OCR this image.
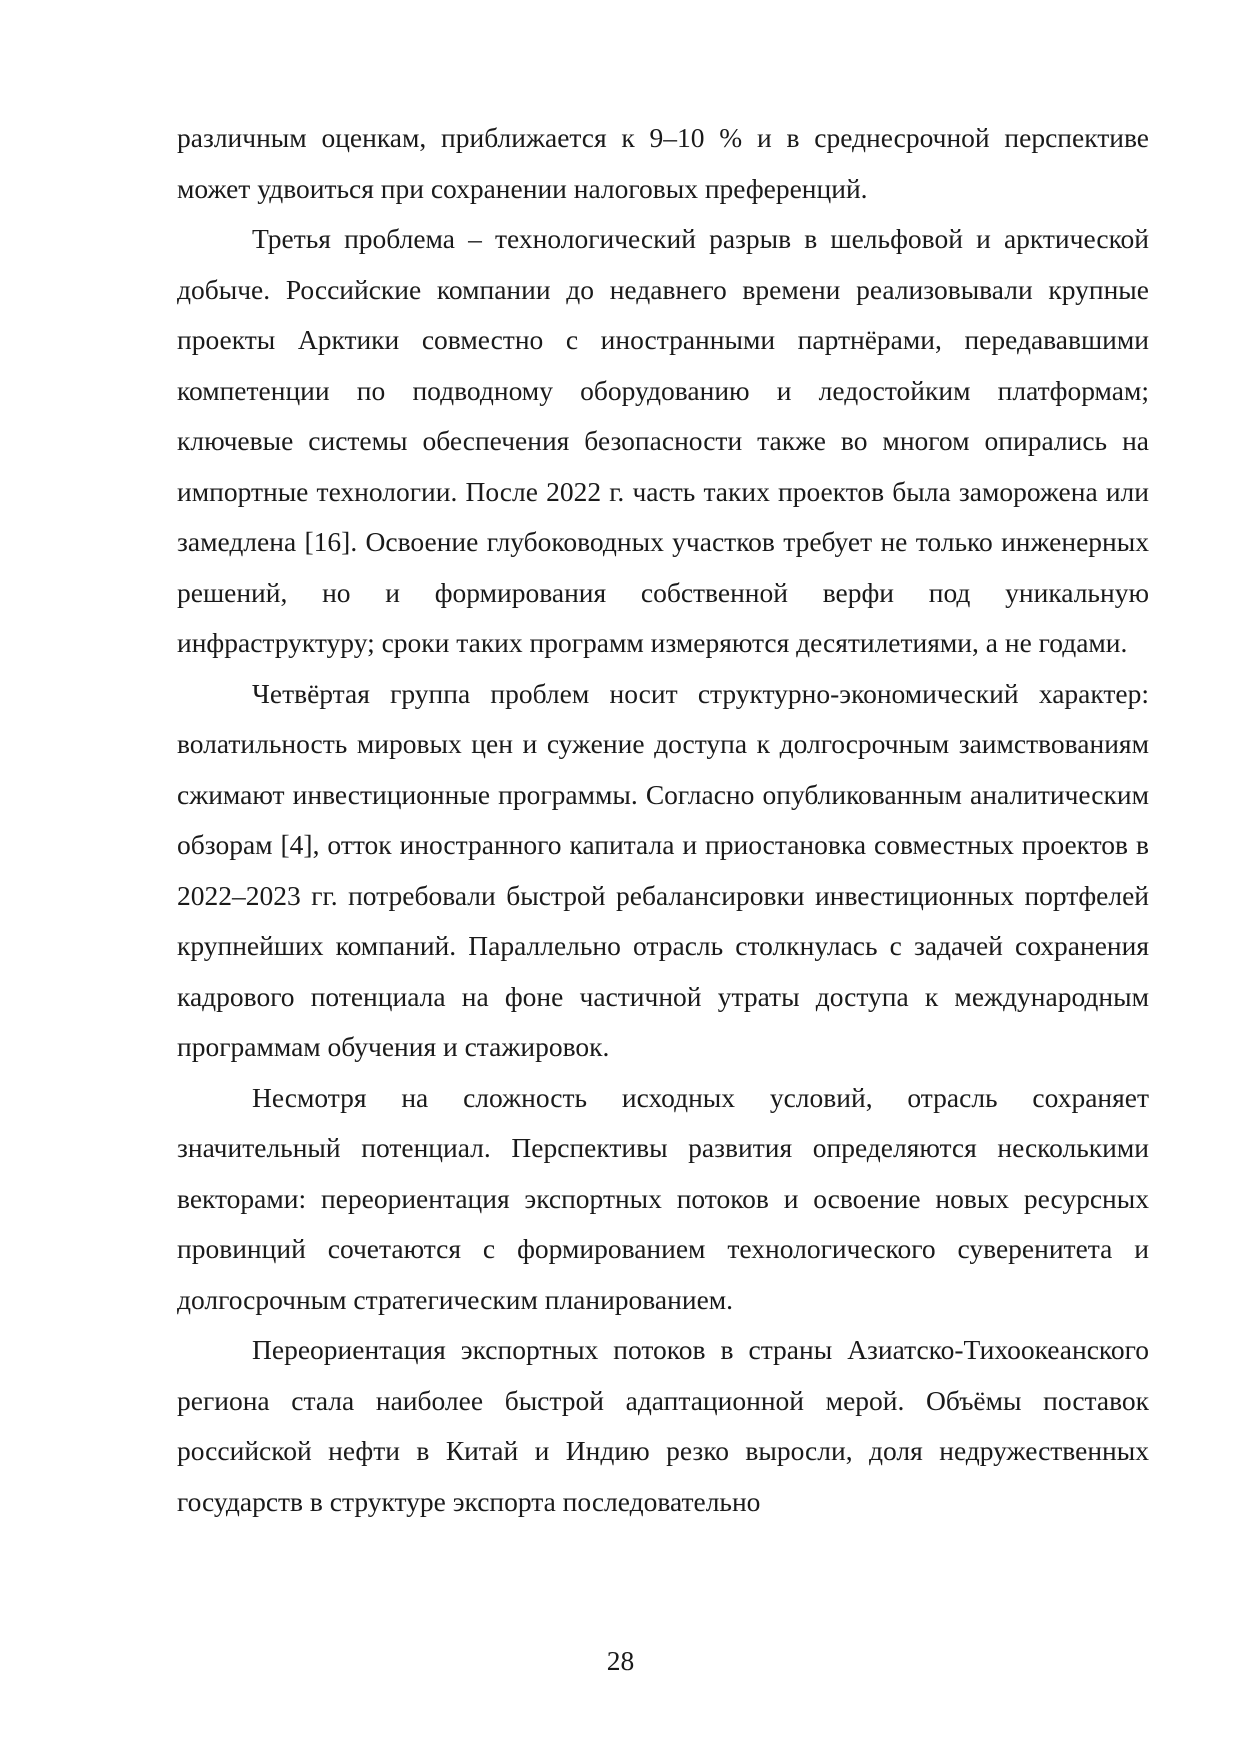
различным оценкам, приближается к 9–10 % и в среднесрочной перспективе может удвоиться при сохранении налоговых преференций.

Третья проблема – технологический разрыв в шельфовой и арктической добыче. Российские компании до недавнего времени реализовывали крупные проекты Арктики совместно с иностранными партнёрами, передававшими компетенции по подводному оборудованию и ледостойким платформам; ключевые системы обеспечения безопасности также во многом опирались на импортные технологии. После 2022 г. часть таких проектов была заморожена или замедлена [16]. Освоение глубоководных участков требует не только инженерных решений, но и формирования собственной верфи под уникальную инфраструктуру; сроки таких программ измеряются десятилетиями, а не годами.

Четвёртая группа проблем носит структурно-экономический характер: волатильность мировых цен и сужение доступа к долгосрочным заимствованиям сжимают инвестиционные программы. Согласно опубликованным аналитическим обзорам [4], отток иностранного капитала и приостановка совместных проектов в 2022–2023 гг. потребовали быстрой ребалансировки инвестиционных портфелей крупнейших компаний. Параллельно отрасль столкнулась с задачей сохранения кадрового потенциала на фоне частичной утраты доступа к международным программам обучения и стажировок.

Несмотря на сложность исходных условий, отрасль сохраняет значительный потенциал. Перспективы развития определяются несколькими векторами: переориентация экспортных потоков и освоение новых ресурсных провинций сочетаются с формированием технологического суверенитета и долгосрочным стратегическим планированием.

Переориентация экспортных потоков в страны Азиатско-Тихоокеанского региона стала наиболее быстрой адаптационной мерой. Объёмы поставок российской нефти в Китай и Индию резко выросли, доля недружественных государств в структуре экспорта последовательно

28
